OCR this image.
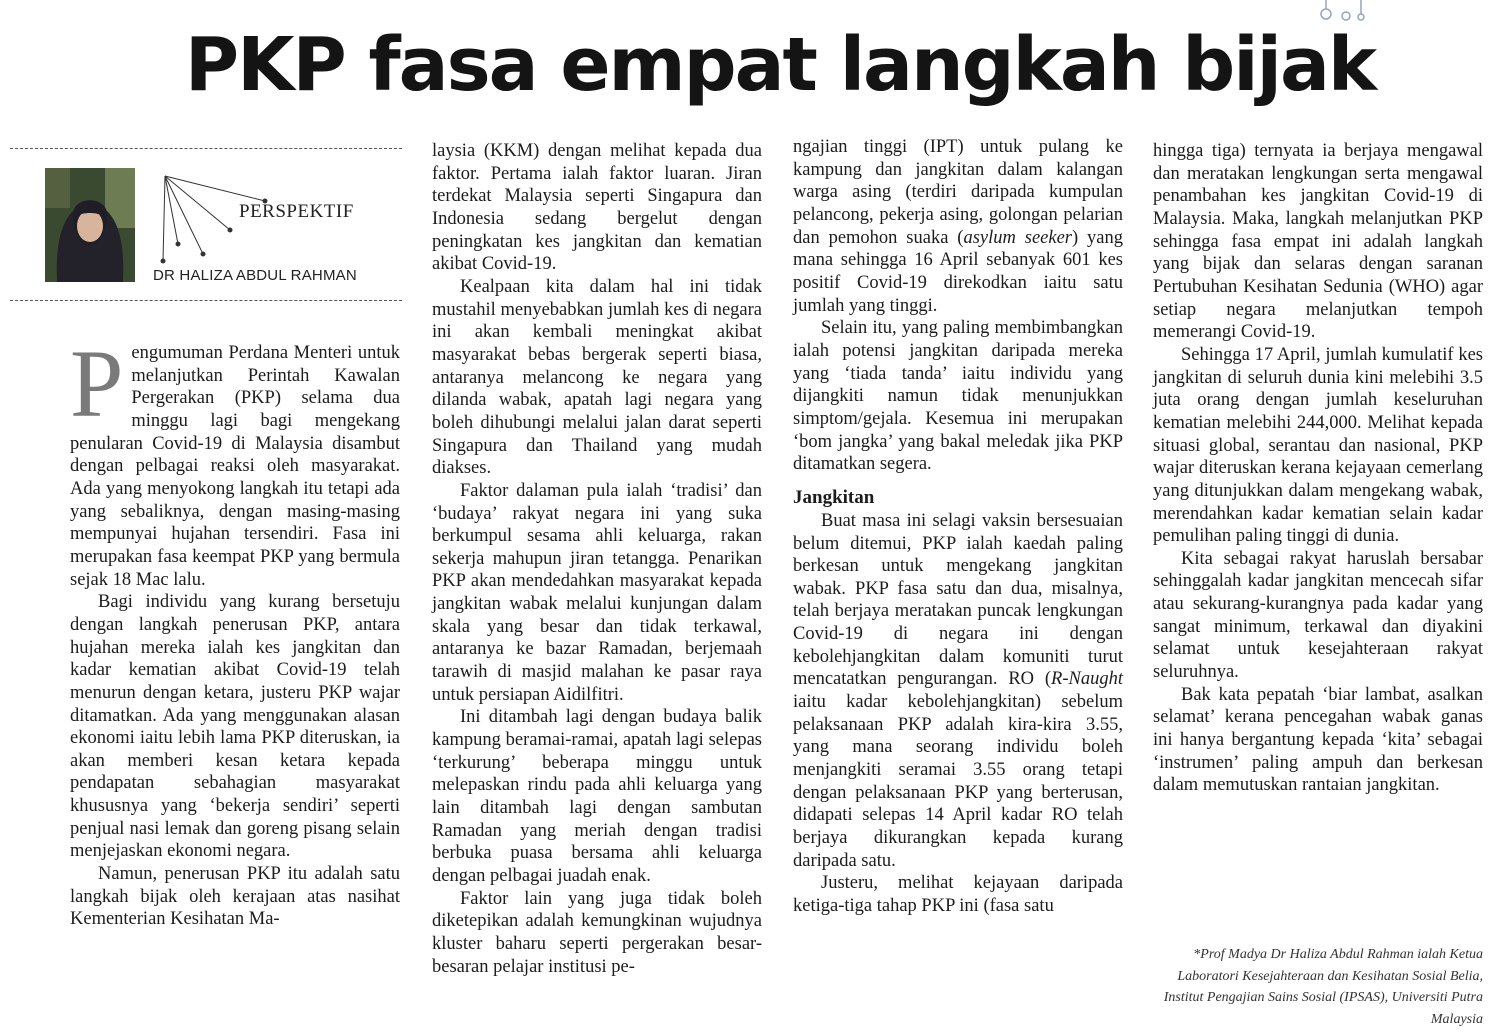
PKP fasa empat langkah bijak
PERSPEKTIF
DR HALIZA ABDUL RAHMAN
P engumuman Perdana Menteri untuk melanjutkan Perintah Kawalan Pergerakan (PKP) selama dua minggu lagi bagi mengekang penularan Covid-19 di Malaysia disambut dengan pelbagai reaksi oleh masyarakat. Ada yang menyokong langkah itu tetapi ada yang sebaliknya, dengan masing-masing mempunyai hujahan tersendiri. Fasa ini merupakan fasa keempat PKP yang bermula sejak 18 Mac lalu.

Bagi individu yang kurang bersetuju dengan langkah penerusan PKP, antara hujahan mereka ialah kes jangkitan dan kadar kematian akibat Covid-19 telah menurun dengan ketara, justeru PKP wajar ditamatkan. Ada yang menggunakan alasan ekonomi iaitu lebih lama PKP diteruskan, ia akan memberi kesan ketara kepada pendapatan sebahagian masyarakat khususnya yang ‘bekerja sendiri’ seperti penjual nasi lemak dan goreng pisang selain menjejaskan ekonomi negara.

Namun, penerusan PKP itu adalah satu langkah bijak oleh kerajaan atas nasihat Kementerian Kesihatan Ma-

laysia (KKM) dengan melihat kepada dua faktor. Pertama ialah faktor luaran. Jiran terdekat Malaysia seperti Singapura dan Indonesia sedang bergelut dengan peningkatan kes jangkitan dan kematian akibat Covid-19.

Kealpaan kita dalam hal ini tidak mustahil menyebabkan jumlah kes di negara ini akan kembali meningkat akibat masyarakat bebas bergerak seperti biasa, antaranya melancong ke negara yang dilanda wabak, apatah lagi negara yang boleh dihubungi melalui jalan darat seperti Singapura dan Thailand yang mudah diakses.

Faktor dalaman pula ialah ‘tradisi’ dan ‘budaya’ rakyat negara ini yang suka berkumpul sesama ahli keluarga, rakan sekerja mahupun jiran tetangga. Penarikan PKP akan mendedahkan masyarakat kepada jangkitan wabak melalui kunjungan dalam skala yang besar dan tidak terkawal, antaranya ke bazar Ramadan, berjemaah tarawih di masjid malahan ke pasar raya untuk persiapan Aidilfitri.

Ini ditambah lagi dengan budaya balik kampung beramai-ramai, apatah lagi selepas ‘terkurung’ beberapa minggu untuk melepaskan rindu pada ahli keluarga yang lain ditambah lagi dengan sambutan Ramadan yang meriah dengan tradisi berbuka puasa bersama ahli keluarga dengan pelbagai juadah enak.

Faktor lain yang juga tidak boleh diketepikan adalah kemungkinan wujudnya kluster baharu seperti pergerakan besar-besaran pelajar institusi pe-

ngajian tinggi (IPT) untuk pulang ke kampung dan jangkitan dalam kalangan warga asing (terdiri daripada kumpulan pelancong, pekerja asing, golongan pelarian dan pemohon suaka (asylum seeker) yang mana sehingga 16 April sebanyak 601 kes positif Covid-19 direkodkan iaitu satu jumlah yang tinggi.

Selain itu, yang paling membimbangkan ialah potensi jangkitan daripada mereka yang ‘tiada tanda’ iaitu individu yang dijangkiti namun tidak menunjukkan simptom/gejala. Kesemua ini merupakan ‘bom jangka’ yang bakal meledak jika PKP ditamatkan segera.

Jangkitan

Buat masa ini selagi vaksin bersesuaian belum ditemui, PKP ialah kaedah paling berkesan untuk mengekang jangkitan wabak. PKP fasa satu dan dua, misalnya, telah berjaya meratakan puncak lengkungan Covid-19 di negara ini dengan kebolehjangkitan dalam komuniti turut mencatatkan pengurangan. RO (R-Naught iaitu kadar kebolehjangkitan) sebelum pelaksanaan PKP adalah kira-kira 3.55, yang mana seorang individu boleh menjangkiti seramai 3.55 orang tetapi dengan pelaksanaan PKP yang berterusan, didapati selepas 14 April kadar RO telah berjaya dikurangkan kepada kurang daripada satu.

Justeru, melihat kejayaan daripada ketiga-tiga tahap PKP ini (fasa satu

hingga tiga) ternyata ia berjaya mengawal dan meratakan lengkungan serta mengawal penambahan kes jangkitan Covid-19 di Malaysia. Maka, langkah melanjutkan PKP sehingga fasa empat ini adalah langkah yang bijak dan selaras dengan saranan Pertubuhan Kesihatan Sedunia (WHO) agar setiap negara melanjutkan tempoh memerangi Covid-19.

Sehingga 17 April, jumlah kumulatif kes jangkitan di seluruh dunia kini melebihi 3.5 juta orang dengan jumlah keseluruhan kematian melebihi 244,000. Melihat kepada situasi global, serantau dan nasional, PKP wajar diteruskan kerana kejayaan cemerlang yang ditunjukkan dalam mengekang wabak, merendahkan kadar kematian selain kadar pemulihan paling tinggi di dunia.

Kita sebagai rakyat haruslah bersabar sehinggalah kadar jangkitan mencecah sifar atau sekurang-kurangnya pada kadar yang sangat minimum, terkawal dan diyakini selamat untuk kesejahteraan rakyat seluruhnya.

Bak kata pepatah ‘biar lambat, asalkan selamat’ kerana pencegahan wabak ganas ini hanya bergantung kepada ‘kita’ sebagai ‘instrumen’ paling ampuh dan berkesan dalam memutuskan rantaian jangkitan.

*Prof Madya Dr Haliza Abdul Rahman ialah Ketua Laboratori Kesejahteraan dan Kesihatan Sosial Belia, Institut Pengajian Sains Sosial (IPSAS), Universiti Putra Malaysia
